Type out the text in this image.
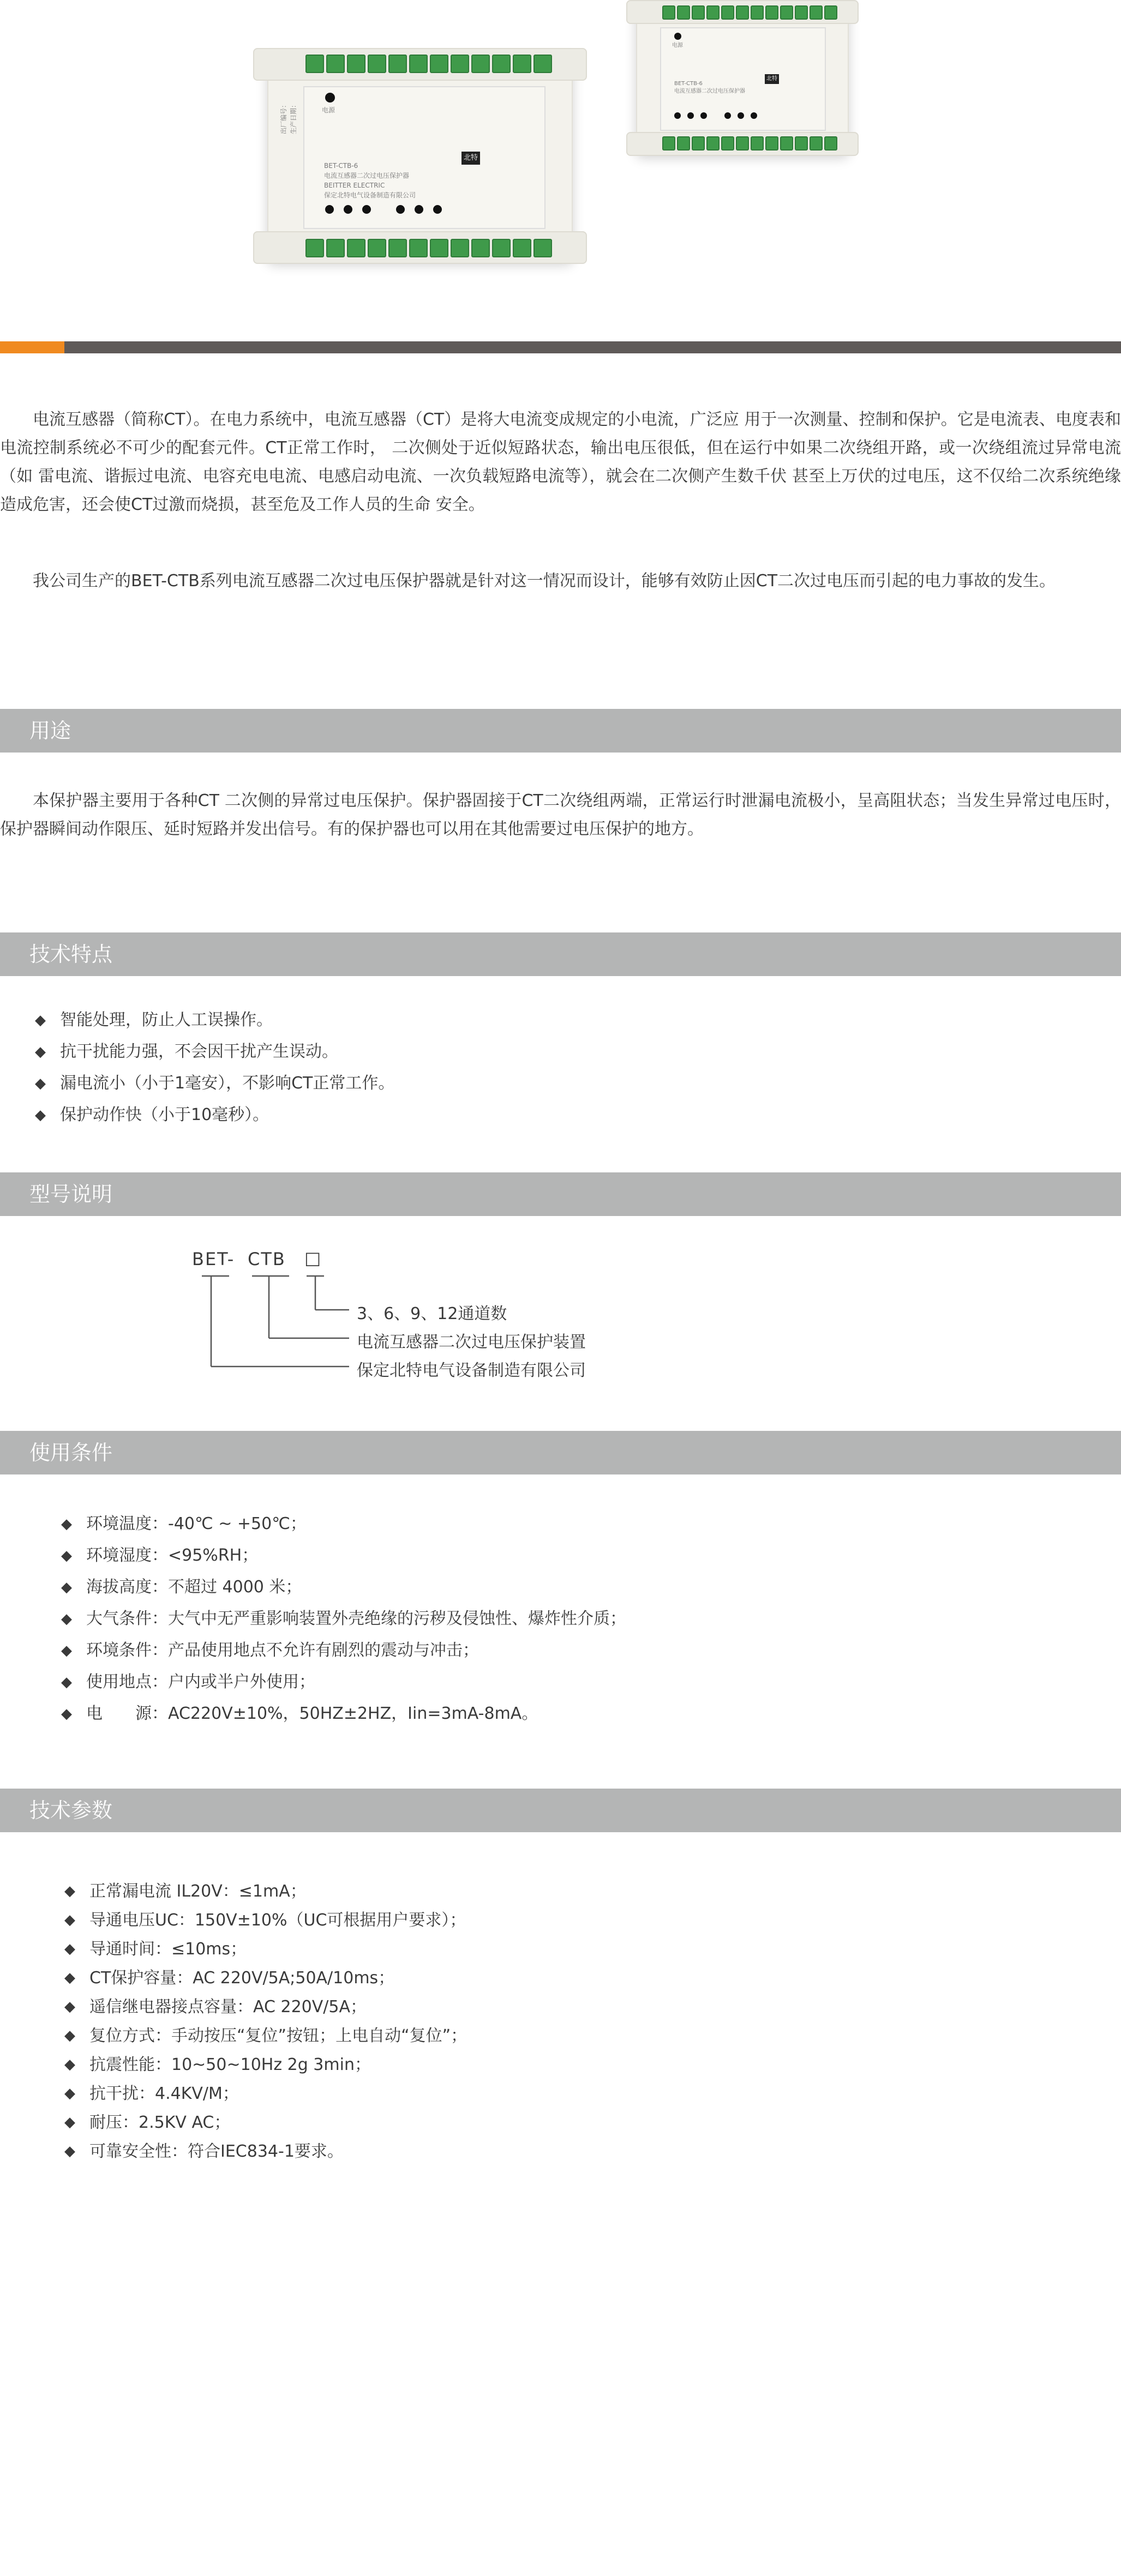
电源
北特
BET-CTB-6
电流互感器二次过电压保护器
BEITTER ELECTRIC
保定北特电气设备制造有限公司
出厂编号： 生产日期：
电源
北特
BET-CTB-6
电流互感器二次过电压保护器

电流互感器（简称CT）。在电力系统中，电流互感器（CT）是将大电流变成规定的小电流，广泛应 用于一次测量、控制和保护。它是电流表、电度表和电流控制系统必不可少的配套元件。CT正常工作时， 二次侧处于近似短路状态，输出电压很低，但在运行中如果二次绕组开路，或一次绕组流过异常电流（如 雷电流、谐振过电流、电容充电电流、电感启动电流、一次负载短路电流等），就会在二次侧产生数千伏 甚至上万伏的过电压，这不仅给二次系统绝缘造成危害，还会使CT过激而烧损，甚至危及工作人员的生命 安全。

我公司生产的BET-CTB系列电流互感器二次过电压保护器就是针对这一情况而设计，能够有效防止因CT二次过电压而引起的电力事故的发生。

用途

本保护器主要用于各种CT 二次侧的异常过电压保护。保护器固接于CT二次绕组两端，正常运行时泄漏电流极小，呈高阻状态；当发生异常过电压时，保护器瞬间动作限压、延时短路并发出信号。有的保护器也可以用在其他需要过电压保护的地方。

技术特点
◆ 智能处理，防止人工误操作。
◆ 抗干扰能力强，不会因干扰产生误动。
◆ 漏电流小（小于1毫安），不影响CT正常工作。
◆ 保护动作快（小于10毫秒）。
型号说明
BET- CTB □
3、6、9、12通道数
电流互感器二次过电压保护装置
保定北特电气设备制造有限公司
使用条件
◆ 环境温度：-40℃ ~ +50℃；
◆ 环境湿度：<95%RH；
◆ 海拔高度：不超过 4000 米；
◆ 大气条件：大气中无严重影响装置外壳绝缘的污秽及侵蚀性、爆炸性介质；
◆ 环境条件：产品使用地点不允许有剧烈的震动与冲击；
◆ 使用地点：户内或半户外使用；
◆ 电　　源：AC220V±10%，50HZ±2HZ，Iin=3mA-8mA。
技术参数
◆ 正常漏电流 IL20V：≤1mA；
◆ 导通电压UC：150V±10%（UC可根据用户要求）；
◆ 导通时间：≤10ms；
◆ CT保护容量：AC 220V/5A;50A/10ms；
◆ 遥信继电器接点容量：AC 220V/5A；
◆ 复位方式：手动按压“复位”按钮；上电自动“复位”；
◆ 抗震性能：10~50~10Hz 2g 3min；
◆ 抗干扰：4.4KV/M；
◆ 耐压：2.5KV AC；
◆ 可靠安全性：符合IEC834-1要求。
